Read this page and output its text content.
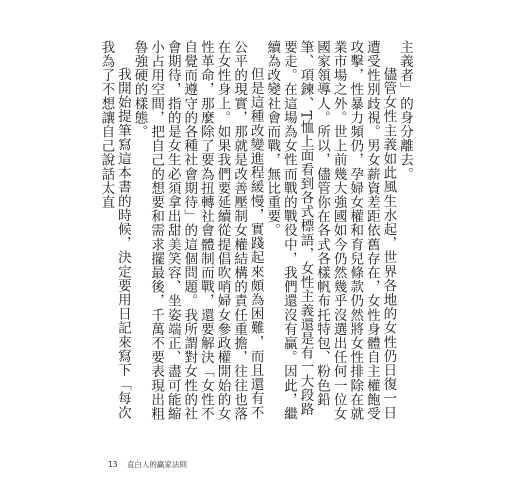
主義者」的身分離去。

儘管女性主義如此風生水起，世界各地的女性仍日復一日遭受性別歧視。男女薪資差距依舊存在，女性身體自主權飽受攻擊，性暴力頻仍，孕婦女權和育兒條款仍然將女性排除在就業市場之外。世上前幾大強國如今仍然幾乎沒選出任何一位女國家領導人。所以，儘管你在各式各樣帆布托特包、粉色鉛筆、項鍊、T恤上面看到各式標語，女性主義還是有一大段路要走。在這場為女性而戰的戰役中，我們還沒有贏。因此，繼續為改變社會而戰，無比重要。

但是這種改變進程緩慢，實踐起來頗為困難，而且還有不公平的現實，那就是改善壓制女權結構的責任重擔，往往也落在女性身上。如果我們要延續從提倡吹哨婦女參政權開始的女性革命，那麼除了要為扭轉社會體制而戰，還要解決「女性不自覺而遵守的各種社會期待」的這個問題。我所謂對女性的社會期待，指的是女生必須拿出甜美笑容、坐姿端正、盡可能縮小占用空間，把自己的想要和需求擺最後，千萬不要表現出粗魯強硬的樣態。

我開始提筆寫這本書的時候，決定要用日記來寫下「每次我為了不想讓自己說話太直

13 直白人的贏家法則
